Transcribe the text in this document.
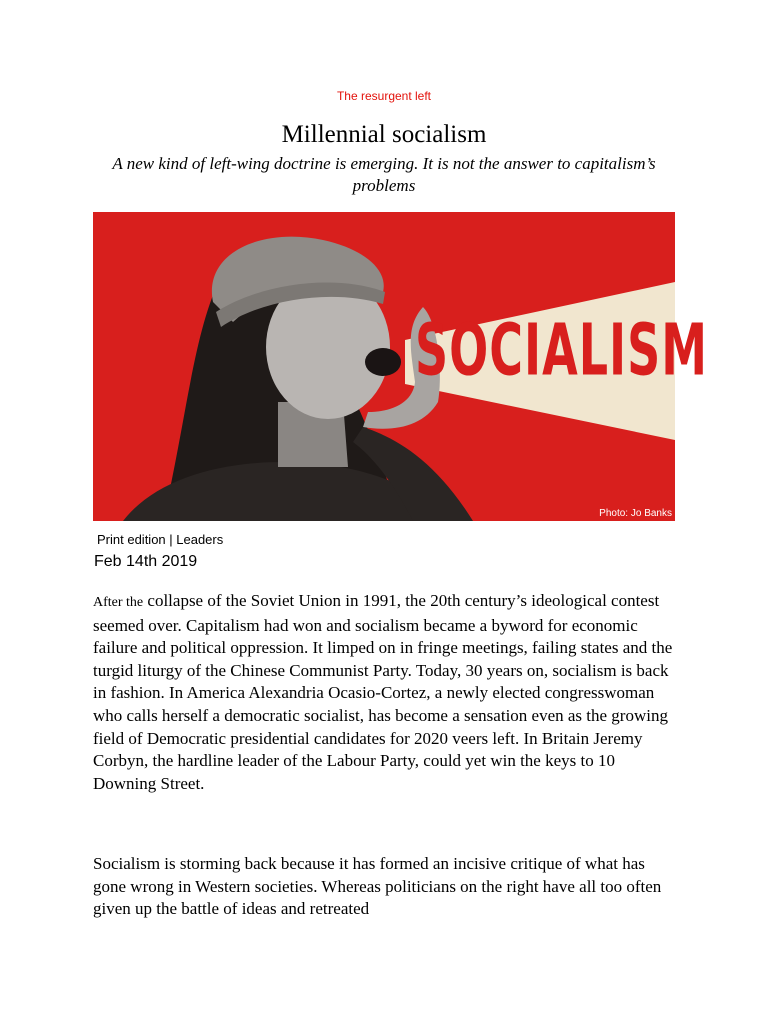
The resurgent left
Millennial socialism
A new kind of left-wing doctrine is emerging. It is not the answer to capitalism’s problems
SOCIALISM
Photo: Jo Banks
Print edition | Leaders
Feb 14th 2019

After the collapse of the Soviet Union in 1991, the 20th century’s ideological contest seemed over. Capitalism had won and socialism became a byword for economic failure and political oppression. It limped on in fringe meetings, failing states and the turgid liturgy of the Chinese Communist Party. Today, 30 years on, socialism is back in fashion. In America Alexandria Ocasio-Cortez, a newly elected congresswoman who calls herself a democratic socialist, has become a sensation even as the growing field of Democratic presidential candidates for 2020 veers left. In Britain Jeremy Corbyn, the hardline leader of the Labour Party, could yet win the keys to 10 Downing Street.

Socialism is storming back because it has formed an incisive critique of what has gone wrong in Western societies. Whereas politicians on the right have all too often given up the battle of ideas and retreated
